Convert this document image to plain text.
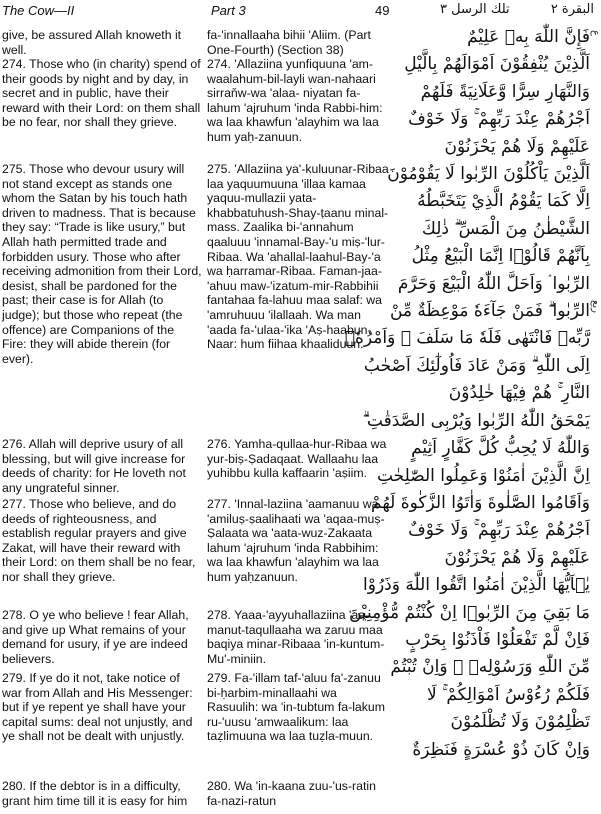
The Cow—II	Part 3	49	تلك الرسل ٣	البقرة ٢

give, be assured Allah knoweth it well.

274. Those who (in charity) spend of their goods by night and by day, in secret and in public, have their reward with their Lord: on them shall be no fear, nor shall they grieve.

275. Those who devour usury will not stand except as stands one whom the Satan by his touch hath driven to madness. That is because they say: “Trade is like usury,” but Allah hath permitted trade and forbidden usury. Those who after receiving admonition from their Lord, desist, shall be pardoned for the past; their case is for Allah (to judge); but those who repeat (the offence) are Companions of the Fire: they will abide therein (for ever).

276. Allah will deprive usury of all blessing, but will give increase for deeds of charity: for He loveth not any ungrateful sinner.

277. Those who believe, and do deeds of righteousness, and establish regular prayers and give Zakat, will have their reward with their Lord: on them shall be no fear, nor shall they grieve.

278. O ye who believe ! fear Allah, and give up What remains of your demand for usury, if ye are indeed believers.

279. If ye do it not, take notice of war from Allah and His Messenger: but if ye repent ye shall have your capital sums: deal not unjustly, and ye shall not be dealt with unjustly.

280. If the debtor is in a difficulty, grant him time till it is easy for him

fa-'innallaaha bihii 'Aliim. (Part One-Fourth) (Section 38)

274. 'Allaziina yunfiquuna 'am-waalahum-bil-layli wan-nahaari sirraňw-wa 'alaa- niyatan fa-lahum 'ajruhum 'inda Rabbi-him: wa laa khawfun 'alayhim wa laa hum yaḥ-zanuun.

275. 'Allaziina ya'-kuluunar-Ribaa laa yaquumuuna 'illaa kamaa yaquu-mullazii yata-khabbatuhush-Shay-ṭaanu minal-mass. Zaalika bi-'annahum qaaluuu 'innamal-Bay-'u miṣ-'lur-Ribaa. Wa 'ahallal-laahul-Bay-'a wa ḥarramar-Ribaa. Faman-jaa-'ahuu maw-'izatum-mir-Rabbihii fantahaa fa-lahuu maa salaf: wa 'amruhuuu 'ilallaah. Wa man 'aada fa-'ulaa-'ika 'Aṣ-haabun-Naar: hum fiihaa khaaliduun.

276. Yamha-qullaa-hur-Ribaa wa yur-biṣ-Ṣadaqaat. Wallaahu laa yuhibbu kulla kaffaarin 'aṣiim.

277. 'Innal-laziina 'aamanuu wa 'amiluṣ-ṣaalihaati wa 'aqaa-muṣ-Ṣalaata wa 'aata-wuz-Zakaata lahum 'ajruhum 'inda Rabbihim: wa laa khawfun 'alayhim wa laa hum yaḥzanuun.

278. Yaaa-'ayyuhallaziina 'aa-manut-taqullaaha wa zaruu maa baqiya minar-Ribaaa 'in-kuntum-Mu'-miniin.

279. Fa-'illam taf-'aluu fa'-zanuu bi-ḥarbim-minallaahi wa Rasuulih: wa 'in-tubtum fa-lakum ru-'uusu 'amwaalikum: laa taẓlimuuna wa laa tuẓla-muun.

280. Wa 'in-kaana zuu-'us-ratin fa-nazi-ratun

فَإِنَّ اللّٰهَ بِهٖ عَلِيْمٌ
اَلَّذِيْنَ يُنْفِقُوْنَ اَمْوَالَهُمْ بِالَّيْلِ
وَالنَّهَارِ سِرًّا وَّعَلَانِيَةً فَلَهُمْ
اَجْرُهُمْ عِنْدَ رَبِّهِمْ ۚ وَلَا خَوْفٌ
عَلَيْهِمْ وَلَا هُمْ يَحْزَنُوْنَ
اَلَّذِيْنَ يَاْكُلُوْنَ الرِّبٰوا لَا يَقُوْمُوْنَ
اِلَّا كَمَا يَقُوْمُ الَّذِيْ يَتَخَبَّطُهُ
الشَّيْطٰنُ مِنَ الْمَسِّ ۗ ذٰلِكَ
بِاَنَّهُمْ قَالُوْۤا اِنَّمَا الْبَيْعُ مِثْلُ
الرِّبٰوا ۘ وَاَحَلَّ اللّٰهُ الْبَيْعَ وَحَرَّمَ
الرِّبٰوا ۗ فَمَنْ جَآءَهٗ مَوْعِظَةٌ مِّنْ
رَّبِّهٖ فَانْتَهٰى فَلَهٗ مَا سَلَفَ ۗ وَاَمْرُهٗۤ
اِلَى اللّٰهِ ۗ وَمَنْ عَادَ فَاُولٰٓئِكَ اَصْحٰبُ
النَّارِ ۚ هُمْ فِيْهَا خٰلِدُوْنَ
يَمْحَقُ اللّٰهُ الرِّبٰوا وَيُرْبِى الصَّدَقٰتِ ۗ
وَاللّٰهُ لَا يُحِبُّ كُلَّ كَفَّارٍ اَثِيْمٍ
اِنَّ الَّذِيْنَ اٰمَنُوْا وَعَمِلُوا الصّٰلِحٰتِ
وَاَقَامُوا الصَّلٰوةَ وَاٰتَوُا الزَّكٰوةَ لَهُمْ
اَجْرُهُمْ عِنْدَ رَبِّهِمْ ۚ وَلَا خَوْفٌ
عَلَيْهِمْ وَلَا هُمْ يَحْزَنُوْنَ
يٰۤاَيُّهَا الَّذِيْنَ اٰمَنُوا اتَّقُوا اللّٰهَ وَذَرُوْا
مَا بَقِيَ مِنَ الرِّبٰوۤا اِنْ كُنْتُمْ مُّؤْمِنِيْنَ
فَاِنْ لَّمْ تَفْعَلُوْا فَاْذَنُوْا بِحَرْبٍ
مِّنَ اللّٰهِ وَرَسُوْلِهٖ ۚ وَاِنْ تُبْتُمْ
فَلَكُمْ رُءُوْسُ اَمْوَالِكُمْ ۚ لَا
تَظْلِمُوْنَ وَلَا تُظْلَمُوْنَ
وَاِنْ كَانَ ذُوْ عُسْرَةٍ فَنَظِرَةٌ
ع
ربع
